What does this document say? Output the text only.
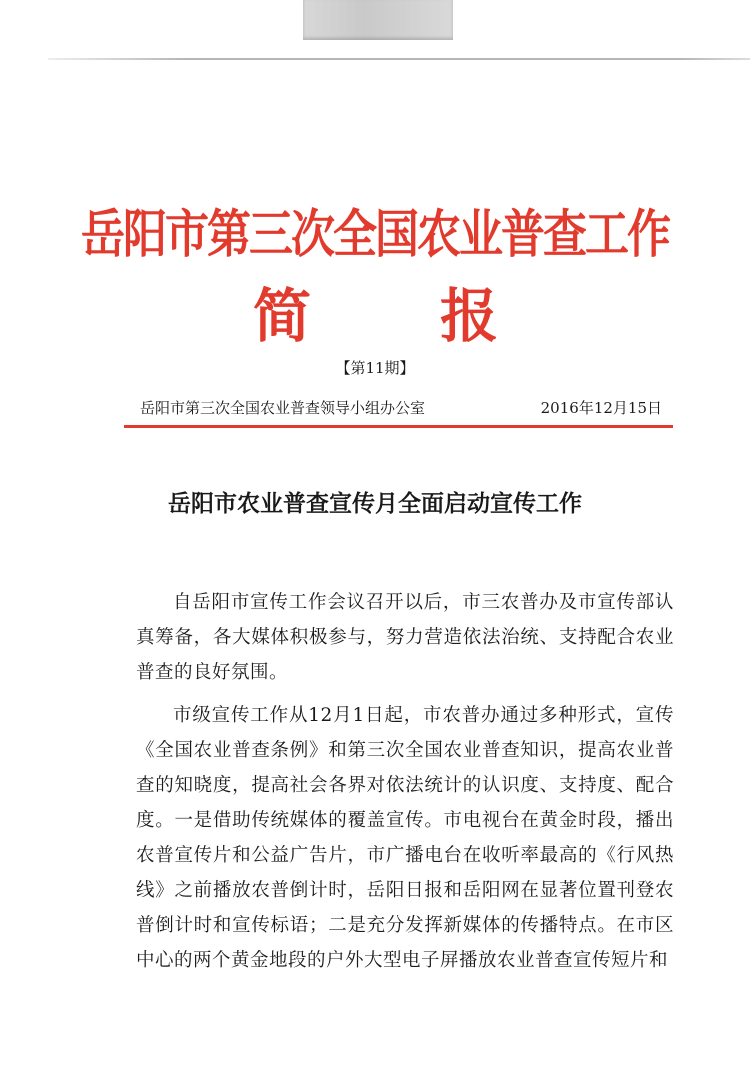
岳阳市第三次全国农业普查工作
简 报
【第11期】
岳阳市第三次全国农业普查领导小组办公室	2016年12月15日
岳阳市农业普查宣传月全面启动宣传工作

自岳阳市宣传工作会议召开以后，市三农普办及市宣传部认真筹备，各大媒体积极参与，努力营造依法治统、支持配合农业普查的良好氛围。

市级宣传工作从12月1日起，市农普办通过多种形式，宣传《全国农业普查条例》和第三次全国农业普查知识，提高农业普查的知晓度，提高社会各界对依法统计的认识度、支持度、配合度。一是借助传统媒体的覆盖宣传。市电视台在黄金时段，播出农普宣传片和公益广告片，市广播电台在收听率最高的《行风热线》之前播放农普倒计时，岳阳日报和岳阳网在显著位置刊登农普倒计时和宣传标语；二是充分发挥新媒体的传播特点。在市区中心的两个黄金地段的户外大型电子屏播放农业普查宣传短片和
